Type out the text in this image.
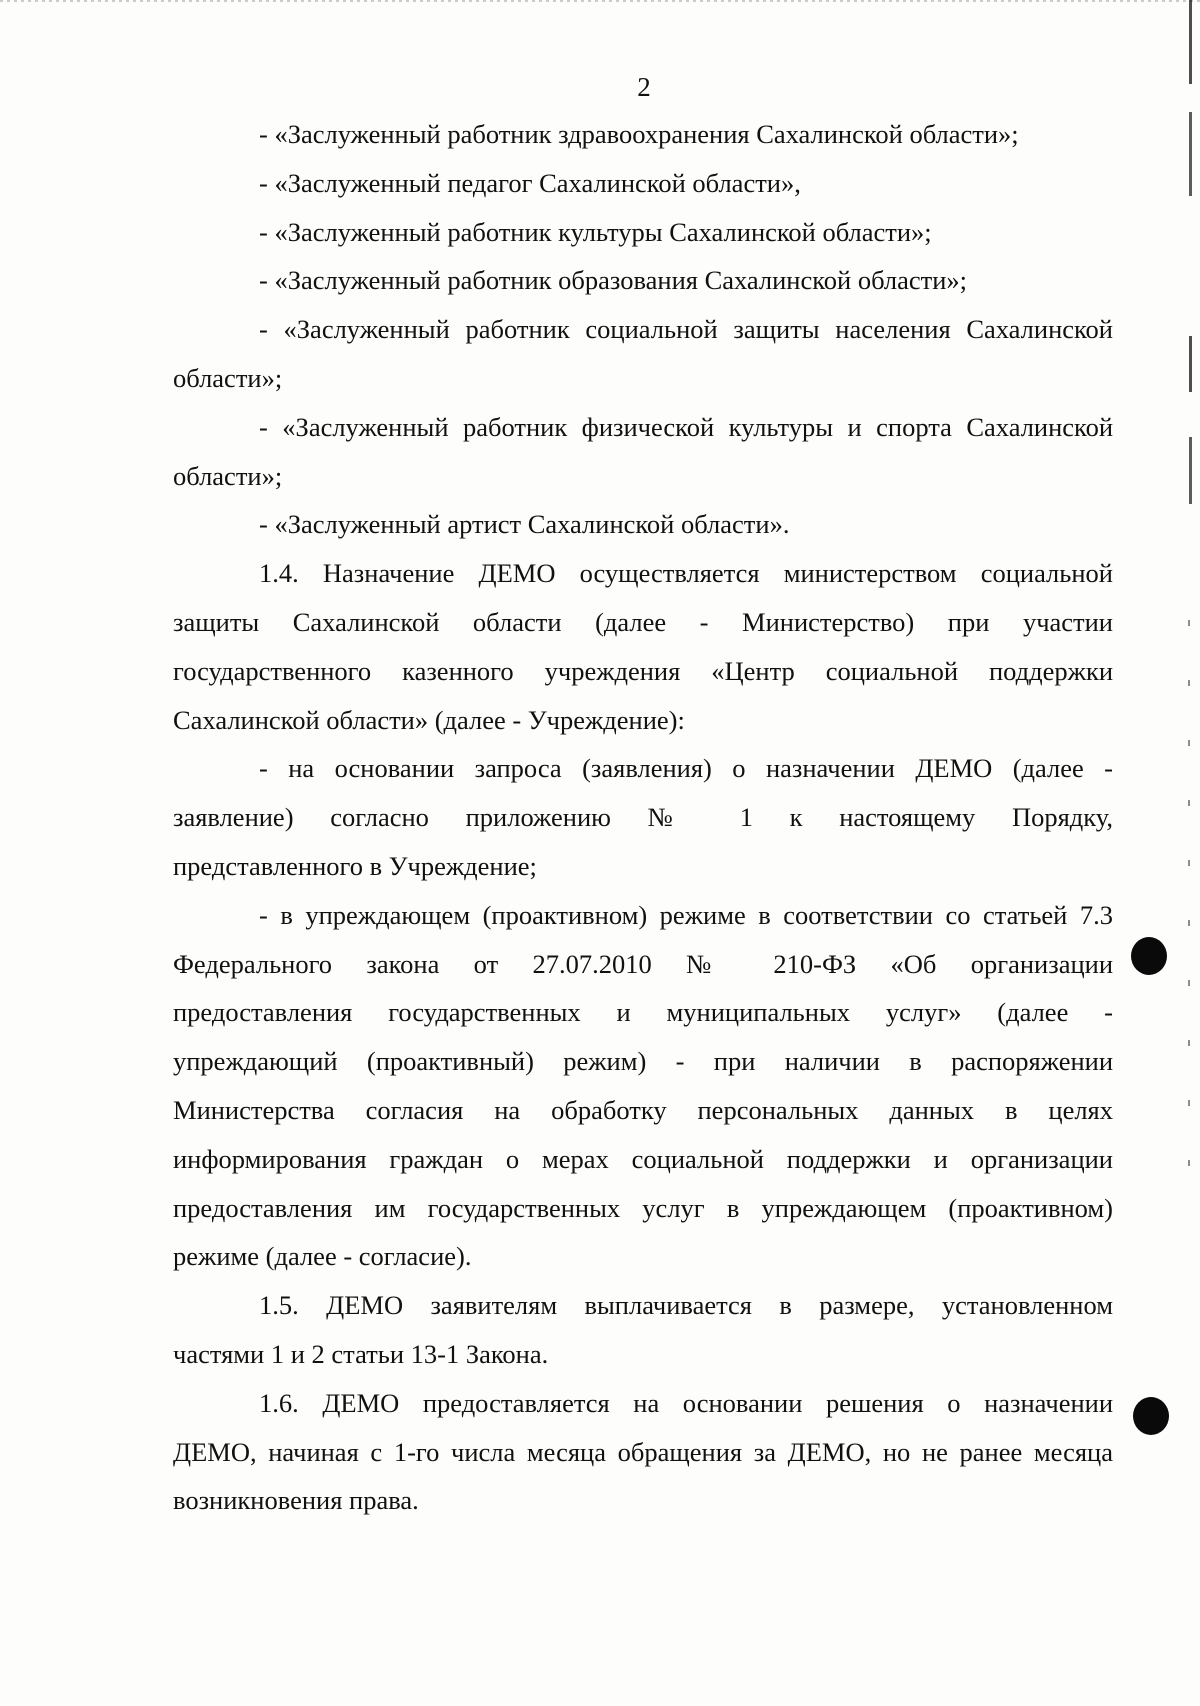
2
- «Заслуженный работник здравоохранения Сахалинской области»;
- «Заслуженный педагог Сахалинской области»,
- «Заслуженный работник культуры Сахалинской области»;
- «Заслуженный работник образования Сахалинской области»;
- «Заслуженный работник социальной защиты населения Сахалинской
области»;
- «Заслуженный работник физической культуры и спорта Сахалинской
области»;
- «Заслуженный артист Сахалинской области».
1.4. Назначение ДЕМО осуществляется министерством социальной
защиты Сахалинской области (далее - Министерство) при участии
государственного казенного учреждения «Центр социальной поддержки
Сахалинской области» (далее - Учреждение):
- на основании запроса (заявления) о назначении ДЕМО (далее -
заявление) согласно приложению № 1 к настоящему Порядку,
представленного в Учреждение;
- в упреждающем (проактивном) режиме в соответствии со статьей 7.3
Федерального закона от 27.07.2010 № 210-ФЗ «Об организации
предоставления государственных и муниципальных услуг» (далее -
упреждающий (проактивный) режим) - при наличии в распоряжении
Министерства согласия на обработку персональных данных в целях
информирования граждан о мерах социальной поддержки и организации
предоставления им государственных услуг в упреждающем (проактивном)
режиме (далее - согласие).
1.5. ДЕМО заявителям выплачивается в размере, установленном
частями 1 и 2 статьи 13-1 Закона.
1.6. ДЕМО предоставляется на основании решения о назначении
ДЕМО, начиная с 1-го числа месяца обращения за ДЕМО, но не ранее месяца
возникновения права.
